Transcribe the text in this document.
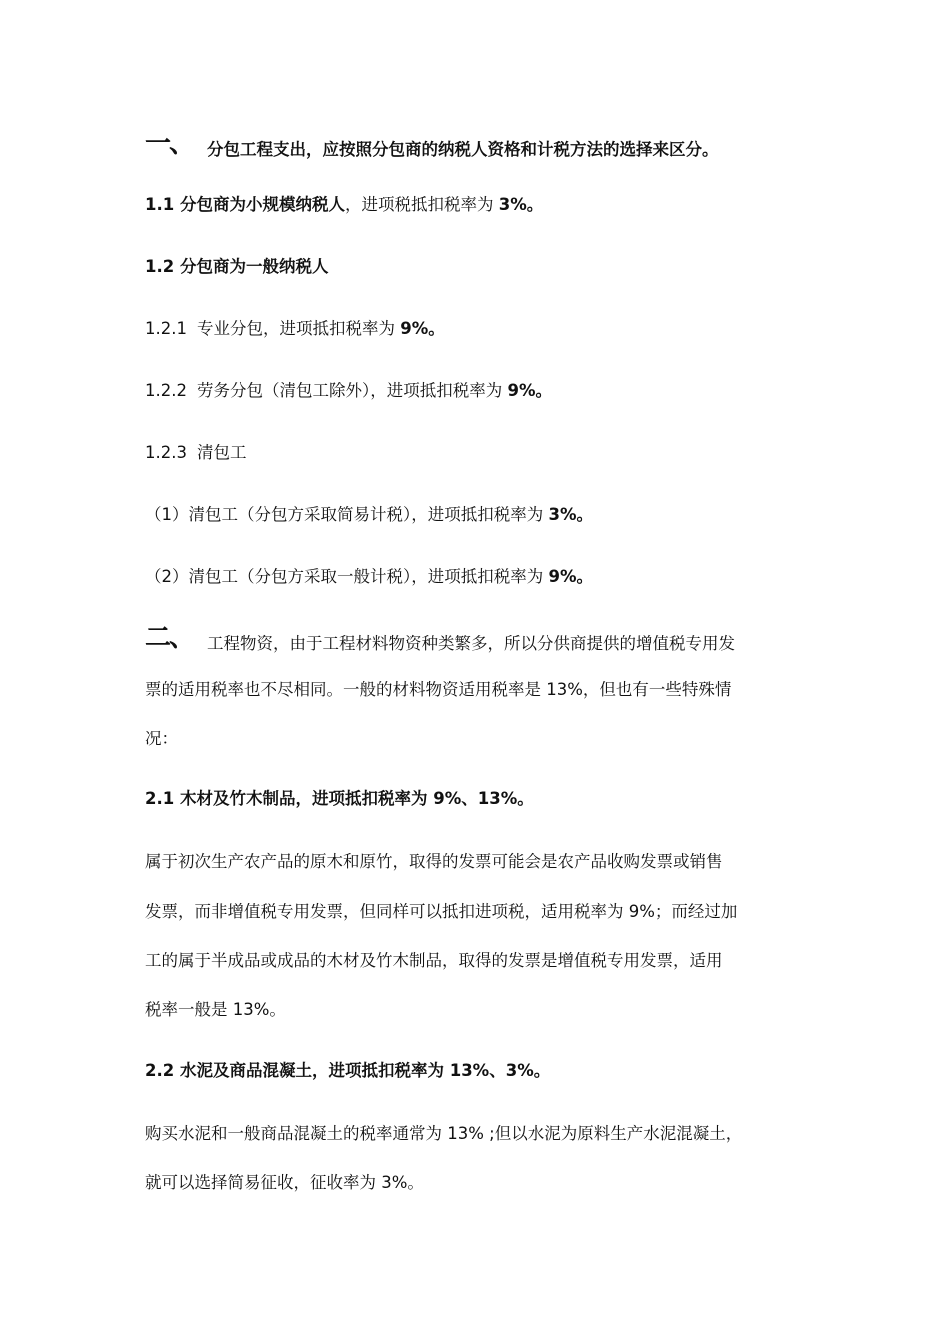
一、 分包工程支出，应按照分包商的纳税人资格和计税方法的选择来区分。
1.1 分包商为小规模纳税人，进项税抵扣税率为 3%。
1.2 分包商为一般纳税人
1.2.1 专业分包，进项抵扣税率为 9%。
1.2.2 劳务分包（清包工除外），进项抵扣税率为 9%。
1.2.3 清包工
（1）清包工（分包方采取简易计税），进项抵扣税率为 3%。
（2）清包工（分包方采取一般计税），进项抵扣税率为 9%。
二、 工程物资，由于工程材料物资种类繁多，所以分供商提供的增值税专用发
票的适用税率也不尽相同。一般的材料物资适用税率是 13%，但也有一些特殊情
况：
2.1 木材及竹木制品，进项抵扣税率为 9%、13%。
属于初次生产农产品的原木和原竹，取得的发票可能会是农产品收购发票或销售
发票，而非增值税专用发票，但同样可以抵扣进项税，适用税率为 9%；而经过加
工的属于半成品或成品的木材及竹木制品，取得的发票是增值税专用发票，适用
税率一般是 13%。
2.2 水泥及商品混凝土，进项抵扣税率为 13%、3%。
购买水泥和一般商品混凝土的税率通常为 13% ;但以水泥为原料生产水泥混凝土，
就可以选择简易征收，征收率为 3%。
